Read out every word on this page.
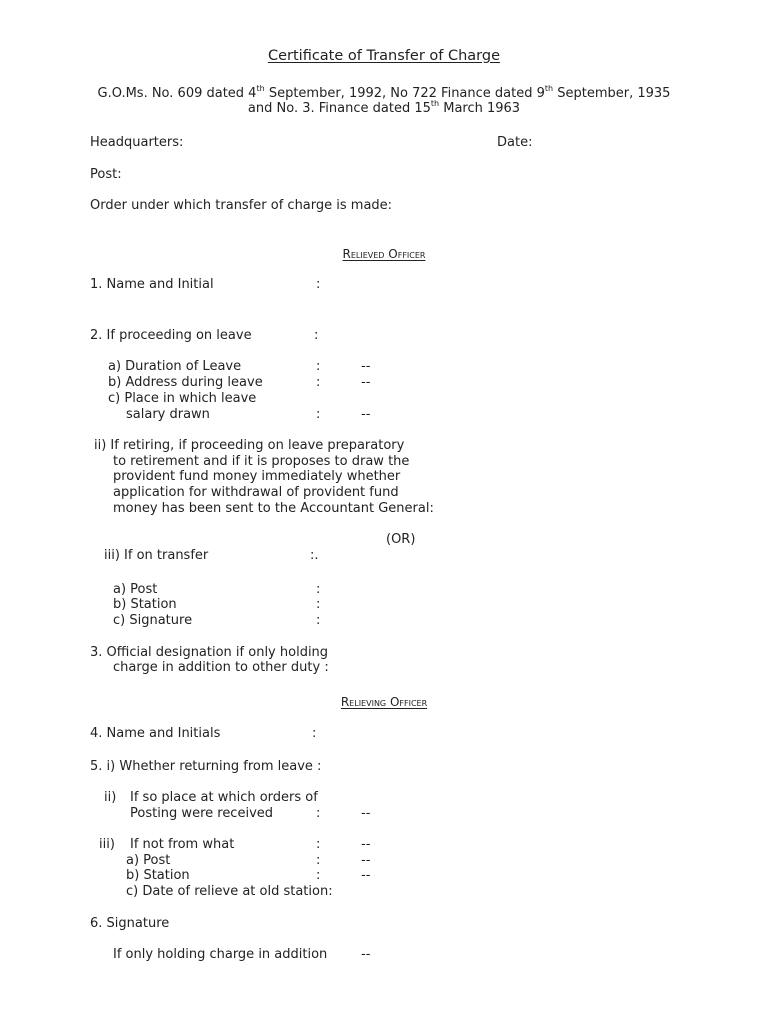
Certificate of Transfer of Charge
G.O.Ms. No. 609 dated 4th September, 1992, No 722 Finance dated 9th September, 1935
and No. 3. Finance dated 15th March 1963
Headquarters:	Date:
Post:
Order under which transfer of charge is made:
Relieved Officer
1. Name and Initial	:
2. If proceeding on leave	:
a) Duration of Leave	:	--
b) Address during leave	:	--
c) Place in which leave
salary drawn	:	--
ii) If retiring, if proceeding on leave preparatory
to retirement and if it is proposes to draw the
provident fund money immediately whether
application for withdrawal of provident fund
money has been sent to the Accountant General:
(OR)
iii) If on transfer	:.
a) Post	:
b) Station	:
c) Signature	:
3. Official designation if only holding
charge in addition to other duty :
Relieving Officer
4. Name and Initials	:
5. i) Whether returning from leave :
ii) If so place at which orders of
Posting were received	:	--
iii) If not from what	:	--
a) Post	:	--
b) Station	:	--
c) Date of relieve at old station:
6. Signature
If only holding charge in addition	--
